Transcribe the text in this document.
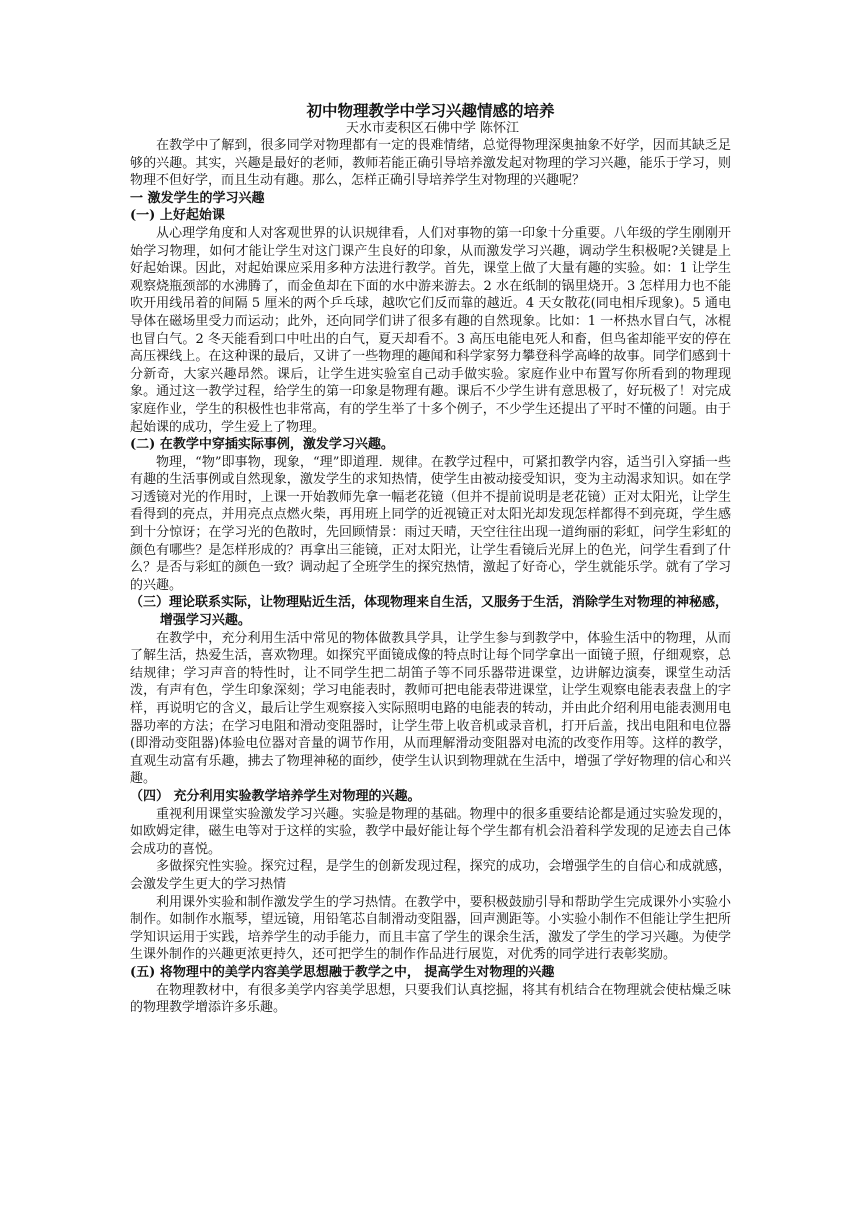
初中物理教学中学习兴趣情感的培养
天水市麦积区石佛中学 陈怀江

在教学中了解到，很多同学对物理都有一定的畏难情绪，总觉得物理深奥抽象不好学，因而其缺乏足够的兴趣。其实，兴趣是最好的老师，教师若能正确引导培养激发起对物理的学习兴趣，能乐于学习，则物理不但好学，而且生动有趣。那么，怎样正确引导培养学生对物理的兴趣呢？

一 激发学生的学习兴趣
(一) 上好起始课

从心理学角度和人对客观世界的认识规律看，人们对事物的第一印象十分重要。八年级的学生刚刚开始学习物理，如何才能让学生对这门课产生良好的印象，从而激发学习兴趣，调动学生积极呢?关键是上好起始课。因此，对起始课应采用多种方法进行教学。首先，课堂上做了大量有趣的实验。如：1 让学生观察烧瓶颈部的水沸腾了，而金鱼却在下面的水中游来游去。2 水在纸制的锅里烧开。3 怎样用力也不能吹开用线吊着的间隔 5 厘米的两个乒乓球，越吹它们反而靠的越近。4 天女散花(同电相斥现象)。5 通电导体在磁场里受力而运动；此外，还向同学们讲了很多有趣的自然现象。比如：1 一杯热水冒白气，冰棍也冒白气。2 冬天能看到口中吐出的白气，夏天却看不。3 高压电能电死人和畜，但鸟雀却能平安的停在高压裸线上。在这种课的最后，又讲了一些物理的趣闻和科学家努力攀登科学高峰的故事。同学们感到十分新奇，大家兴趣昂然。课后，让学生进实验室自己动手做实验。家庭作业中布置写你所看到的物理现象。通过这一教学过程，给学生的第一印象是物理有趣。课后不少学生讲有意思极了，好玩极了！对完成家庭作业，学生的积极性也非常高，有的学生举了十多个例子，不少学生还提出了平时不懂的问题。由于起始课的成功，学生爱上了物理。

(二) 在教学中穿插实际事例，激发学习兴趣。

物理，“物”即事物，现象，“理”即道理．规律。在教学过程中，可紧扣教学内容，适当引入穿插一些有趣的生活事例或自然现象，激发学生的求知热情，使学生由被动接受知识，变为主动渴求知识。如在学习透镜对光的作用时，上课一开始教师先拿一幅老花镜（但并不提前说明是老花镜）正对太阳光，让学生看得到的亮点，并用亮点点燃火柴，再用班上同学的近视镜正对太阳光却发现怎样都得不到亮斑，学生感到十分惊讶；在学习光的色散时，先回顾情景：雨过天晴，天空往往出现一道绚丽的彩虹，问学生彩虹的颜色有哪些？是怎样形成的？再拿出三能镜，正对太阳光，让学生看镜后光屏上的色光，问学生看到了什么？是否与彩虹的颜色一致？调动起了全班学生的探究热情，激起了好奇心，学生就能乐学。就有了学习的兴趣。

（三）理论联系实际，让物理贴近生活，体现物理来自生活，又服务于生活，消除学生对物理的神秘感，增强学习兴趣。

在教学中，充分利用生活中常见的物体做教具学具，让学生参与到教学中，体验生活中的物理，从而了解生活，热爱生活，喜欢物理。如探究平面镜成像的特点时让每个同学拿出一面镜子照，仔细观察，总结规律；学习声音的特性时，让不同学生把二胡笛子等不同乐器带进课堂，边讲解边演奏，课堂生动活泼，有声有色，学生印象深刻；学习电能表时，教师可把电能表带进课堂，让学生观察电能表表盘上的字样，再说明它的含义，最后让学生观察接入实际照明电路的电能表的转动，并由此介绍利用电能表测用电器功率的方法；在学习电阻和滑动变阻器时，让学生带上收音机或录音机，打开后盖，找出电阻和电位器(即滑动变阻器)体验电位器对音量的调节作用，从而理解滑动变阻器对电流的改变作用等。这样的教学，直观生动富有乐趣，拂去了物理神秘的面纱，使学生认识到物理就在生活中，增强了学好物理的信心和兴趣。

（四） 充分利用实验教学培养学生对物理的兴趣。

重视利用课堂实验激发学习兴趣。实验是物理的基础。物理中的很多重要结论都是通过实验发现的，如欧姆定律，磁生电等对于这样的实验，教学中最好能让每个学生都有机会沿着科学发现的足迹去自己体会成功的喜悦。

多做探究性实验。探究过程，是学生的创新发现过程，探究的成功，会增强学生的自信心和成就感，会激发学生更大的学习热情

利用课外实验和制作激发学生的学习热情。在教学中，要积极鼓励引导和帮助学生完成课外小实验小制作。如制作水瓶琴，望远镜，用铅笔芯自制滑动变阻器，回声测距等。小实验小制作不但能让学生把所学知识运用于实践，培养学生的动手能力，而且丰富了学生的课余生活，激发了学生的学习兴趣。为使学生课外制作的兴趣更浓更持久，还可把学生的制作作品进行展览，对优秀的同学进行表彰奖励。

(五) 将物理中的美学内容美学思想融于教学之中， 提高学生对物理的兴趣

在物理教材中，有很多美学内容美学思想，只要我们认真挖掘，将其有机结合在物理就会使枯燥乏味的物理教学增添许多乐趣。
